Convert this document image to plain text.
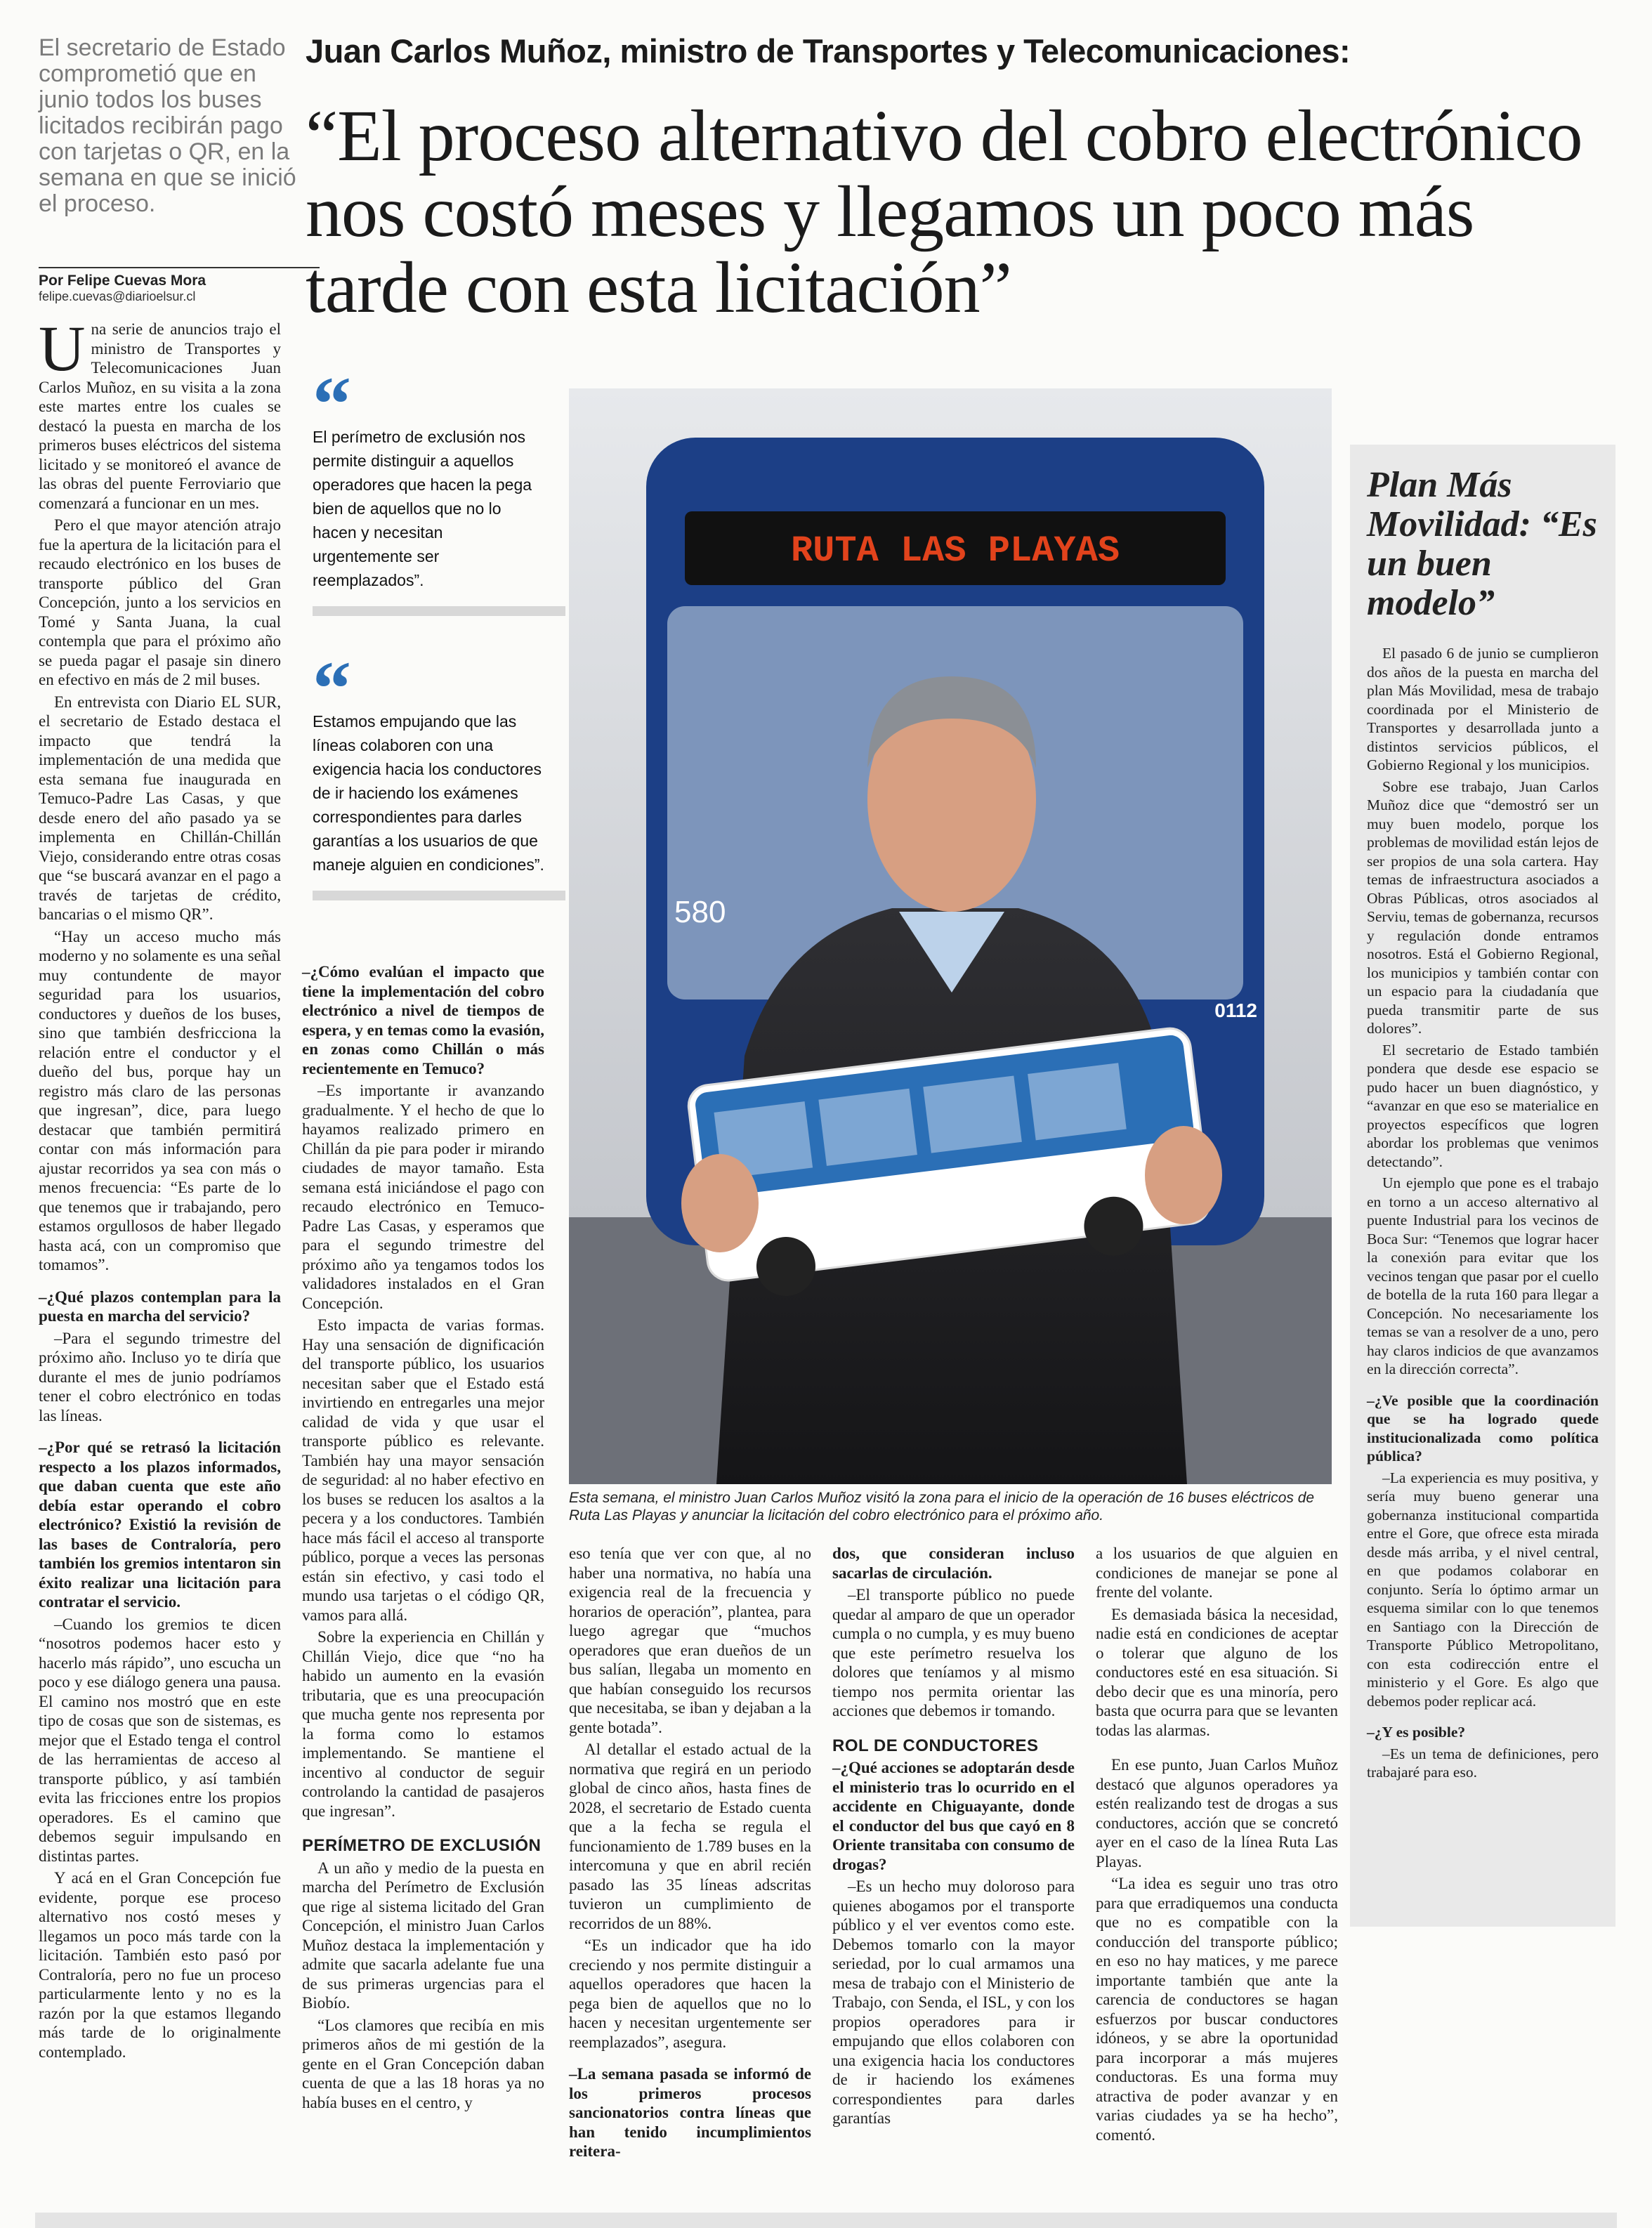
El secretario de Estado comprometió que en junio todos los buses licitados recibirán pago con tarjetas o QR, en la semana en que se inició el proceso.

Por Felipe Cuevas Mora
felipe.cuevas@diarioelsur.cl
Juan Carlos Muñoz, ministro de Transportes y Telecomunicaciones:
“El proceso alternativo del cobro electrónico nos costó meses y llegamos un poco más tarde con esta licitación”

Una serie de anuncios trajo el ministro de Transportes y Telecomunicaciones Juan Carlos Muñoz, en su visita a la zona este martes entre los cuales se destacó la puesta en marcha de los primeros buses eléctricos del sistema licitado y se monitoreó el avance de las obras del puente Ferroviario que comenzará a funcionar en un mes.

Pero el que mayor atención atrajo fue la apertura de la licitación para el recaudo electrónico en los buses de transporte público del Gran Concepción, junto a los servicios en Tomé y Santa Juana, la cual contempla que para el próximo año se pueda pagar el pasaje sin dinero en efectivo en más de 2 mil buses.

En entrevista con Diario EL SUR, el secretario de Estado destaca el impacto que tendrá la implementación de una medida que esta semana fue inaugurada en Temuco-Padre Las Casas, y que desde enero del año pasado ya se implementa en Chillán-Chillán Viejo, considerando entre otras cosas que “se buscará avanzar en el pago a través de tarjetas de crédito, bancarias o el mismo QR”.

“Hay un acceso mucho más moderno y no solamente es una señal muy contundente de mayor seguridad para los usuarios, conductores y dueños de los buses, sino que también desfricciona la relación entre el conductor y el dueño del bus, porque hay un registro más claro de las personas que ingresan”, dice, para luego destacar que también permitirá contar con más información para ajustar recorridos ya sea con más o menos frecuencia: “Es parte de lo que tenemos que ir trabajando, pero estamos orgullosos de haber llegado hasta acá, con un compromiso que tomamos”.

–¿Qué plazos contemplan para la puesta en marcha del servicio?

–Para el segundo trimestre del próximo año. Incluso yo te diría que durante el mes de junio podríamos tener el cobro electrónico en todas las líneas.

–¿Por qué se retrasó la licitación respecto a los plazos informados, que daban cuenta que este año debía estar operando el cobro electrónico? Existió la revisión de las bases de Contraloría, pero también los gremios intentaron sin éxito realizar una licitación para contratar el servicio.

–Cuando los gremios te dicen “nosotros podemos hacer esto y hacerlo más rápido”, uno escucha un poco y ese diálogo genera una pausa. El camino nos mostró que en este tipo de cosas que son de sistemas, es mejor que el Estado tenga el control de las herramientas de acceso al transporte público, y así también evita las fricciones entre los propios operadores. Es el camino que debemos seguir impulsando en distintas partes.

Y acá en el Gran Concepción fue evidente, porque ese proceso alternativo nos costó meses y llegamos un poco más tarde con la licitación. También esto pasó por Contraloría, pero no fue un proceso particularmente lento y no es la razón por la que estamos llegando más tarde de lo originalmente contemplado.

“

El perímetro de exclusión nos permite distinguir a aquellos operadores que hacen la pega bien de aquellos que no lo hacen y necesitan urgentemente ser reemplazados”.

“

Estamos empujando que las líneas colaboren con una exigencia hacia los conductores de ir haciendo los exámenes correspondientes para darles garantías a los usuarios de que maneje alguien en condiciones”.

–¿Cómo evalúan el impacto que tiene la implementación del cobro electrónico a nivel de tiempos de espera, y en temas como la evasión, en zonas como Chillán o más recientemente en Temuco?

–Es importante ir avanzando gradualmente. Y el hecho de que lo hayamos realizado primero en Chillán da pie para poder ir mirando ciudades de mayor tamaño. Esta semana está iniciándose el pago con recaudo electrónico en Temuco-Padre Las Casas, y esperamos que para el segundo trimestre del próximo año ya tengamos todos los validadores instalados en el Gran Concepción.

Esto impacta de varias formas. Hay una sensación de dignificación del transporte público, los usuarios necesitan saber que el Estado está invirtiendo en entregarles una mejor calidad de vida y que usar el transporte público es relevante. También hay una mayor sensación de seguridad: al no haber efectivo en los buses se reducen los asaltos a la pecera y a los conductores. También hace más fácil el acceso al transporte público, porque a veces las personas están sin efectivo, y casi todo el mundo usa tarjetas o el código QR, vamos para allá.

Sobre la experiencia en Chillán y Chillán Viejo, dice que “no ha habido un aumento en la evasión tributaria, que es una preocupación que mucha gente nos representa por la forma como lo estamos implementando. Se mantiene el incentivo al conductor de seguir controlando la cantidad de pasajeros que ingresan”.

PERÍMETRO DE EXCLUSIÓN

A un año y medio de la puesta en marcha del Perímetro de Exclusión que rige al sistema licitado del Gran Concepción, el ministro Juan Carlos Muñoz destaca la implementación y admite que sacarla adelante fue una de sus primeras urgencias para el Biobío.

“Los clamores que recibía en mis primeros años de mi gestión de la gente en el Gran Concepción daban cuenta de que a las 18 horas ya no había buses en el centro, y

RUTA LAS PLAYAS
580
0112

Esta semana, el ministro Juan Carlos Muñoz visitó la zona para el inicio de la operación de 16 buses eléctricos de Ruta Las Playas y anunciar la licitación del cobro electrónico para el próximo año.

eso tenía que ver con que, al no haber una normativa, no había una exigencia real de la frecuencia y horarios de operación”, plantea, para luego agregar que “muchos operadores que eran dueños de un bus salían, llegaba un momento en que habían conseguido los recursos que necesitaba, se iban y dejaban a la gente botada”.

Al detallar el estado actual de la normativa que regirá en un periodo global de cinco años, hasta fines de 2028, el secretario de Estado cuenta que a la fecha se regula el funcionamiento de 1.789 buses en la intercomuna y que en abril recién pasado las 35 líneas adscritas tuvieron un cumplimiento de recorridos de un 88%.

“Es un indicador que ha ido creciendo y nos permite distinguir a aquellos operadores que hacen la pega bien de aquellos que no lo hacen y necesitan urgentemente ser reemplazados”, asegura.

–La semana pasada se informó de los primeros procesos sancionatorios contra líneas que han tenido incumplimientos reitera-

dos, que consideran incluso sacarlas de circulación.

–El transporte público no puede quedar al amparo de que un operador cumpla o no cumpla, y es muy bueno que este perímetro resuelva los dolores que teníamos y al mismo tiempo nos permita orientar las acciones que debemos ir tomando.

ROL DE CONDUCTORES

–¿Qué acciones se adoptarán desde el ministerio tras lo ocurrido en el accidente en Chiguayante, donde el conductor del bus que cayó en 8 Oriente transitaba con consumo de drogas?

–Es un hecho muy doloroso para quienes abogamos por el transporte público y el ver eventos como este. Debemos tomarlo con la mayor seriedad, por lo cual armamos una mesa de trabajo con el Ministerio de Trabajo, con Senda, el ISL, y con los propios operadores para ir empujando que ellos colaboren con una exigencia hacia los conductores de ir haciendo los exámenes correspondientes para darles garantías

a los usuarios de que alguien en condiciones de manejar se pone al frente del volante.

Es demasiada básica la necesidad, nadie está en condiciones de aceptar o tolerar que alguno de los conductores esté en esa situación. Si debo decir que es una minoría, pero basta que ocurra para que se levanten todas las alarmas.

En ese punto, Juan Carlos Muñoz destacó que algunos operadores ya estén realizando test de drogas a sus conductores, acción que se concretó ayer en el caso de la línea Ruta Las Playas.

“La idea es seguir uno tras otro para que erradiquemos una conducta que no es compatible con la conducción del transporte público; en eso no hay matices, y me parece importante también que ante la carencia de conductores se hagan esfuerzos por buscar conductores idóneos, y se abre la oportunidad para incorporar a más mujeres conductoras. Es una forma muy atractiva de poder avanzar y en varias ciudades ya se ha hecho”, comentó.

Plan Más Movilidad: “Es un buen modelo”

El pasado 6 de junio se cumplieron dos años de la puesta en marcha del plan Más Movilidad, mesa de trabajo coordinada por el Ministerio de Transportes y desarrollada junto a distintos servicios públicos, el Gobierno Regional y los municipios.

Sobre ese trabajo, Juan Carlos Muñoz dice que “demostró ser un muy buen modelo, porque los problemas de movilidad están lejos de ser propios de una sola cartera. Hay temas de infraestructura asociados a Obras Públicas, otros asociados al Serviu, temas de gobernanza, recursos y regulación donde entramos nosotros. Está el Gobierno Regional, los municipios y también contar con un espacio para la ciudadanía que pueda transmitir parte de sus dolores”.

El secretario de Estado también pondera que desde ese espacio se pudo hacer un buen diagnóstico, y “avanzar en que eso se materialice en proyectos específicos que logren abordar los problemas que venimos detectando”.

Un ejemplo que pone es el trabajo en torno a un acceso alternativo al puente Industrial para los vecinos de Boca Sur: “Tenemos que lograr hacer la conexión para evitar que los vecinos tengan que pasar por el cuello de botella de la ruta 160 para llegar a Concepción. No necesariamente los temas se van a resolver de a uno, pero hay claros indicios de que avanzamos en la dirección correcta”.

–¿Ve posible que la coordinación que se ha logrado quede institucionalizada como política pública?

–La experiencia es muy positiva, y sería muy bueno generar una gobernanza institucional compartida entre el Gore, que ofrece esta mirada desde más arriba, y el nivel central, en que podamos colaborar en conjunto. Sería lo óptimo armar un esquema similar con lo que tenemos en Santiago con la Dirección de Transporte Público Metropolitano, con esta codirección entre el ministerio y el Gore. Es algo que debemos poder replicar acá.

–¿Y es posible?

–Es un tema de definiciones, pero trabajaré para eso.
